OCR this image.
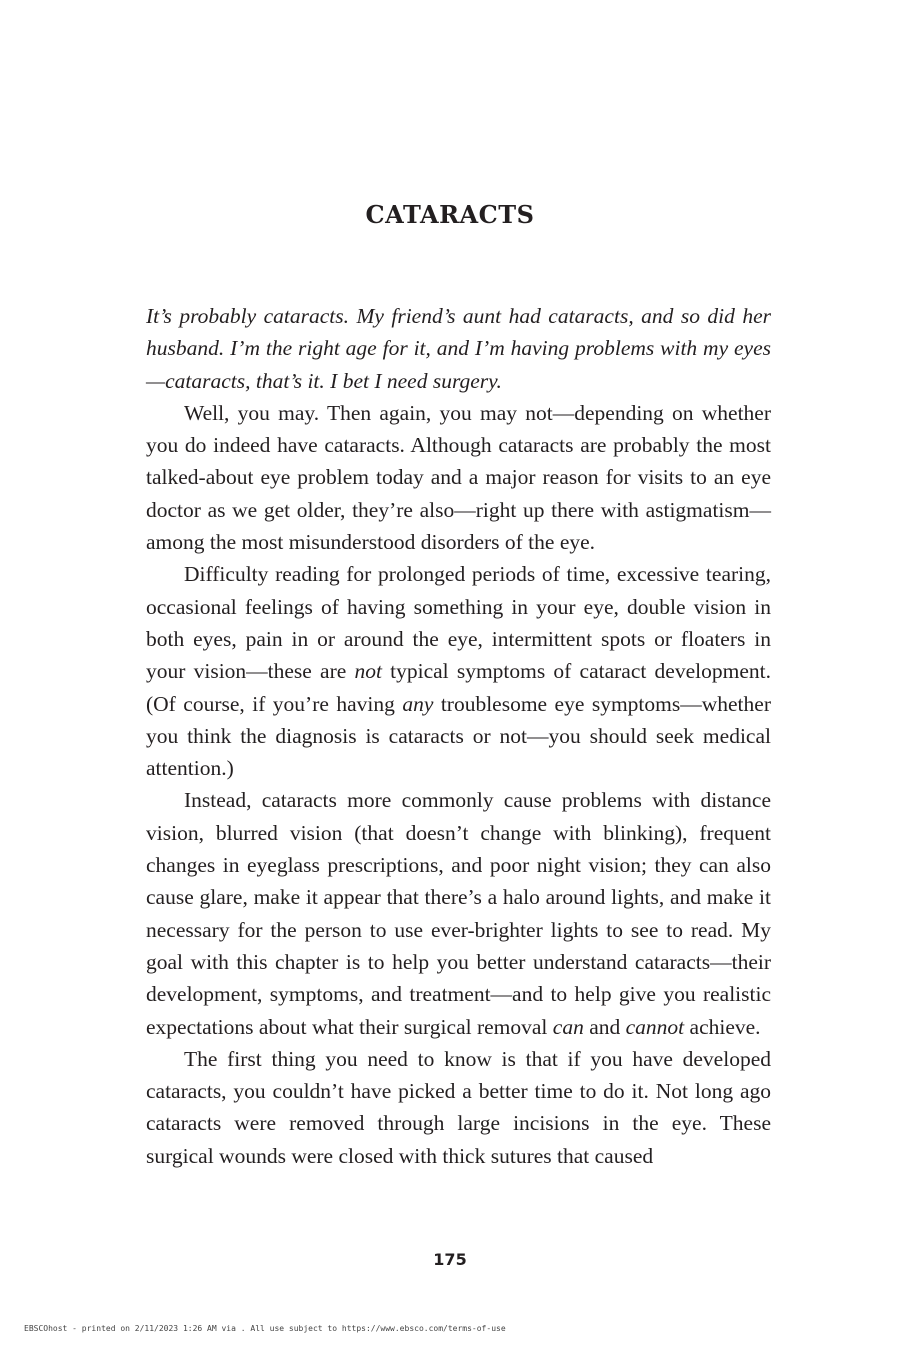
CATARACTS

It’s probably cataracts. My friend’s aunt had cataracts, and so did her husband. I’m the right age for it, and I’m having problems with my eyes—cataracts, that’s it. I bet I need surgery.

Well, you may. Then again, you may not—depending on whether you do indeed have cataracts. Although cataracts are probably the most talked-about eye problem today and a major reason for visits to an eye doctor as we get older, they’re also—right up there with astigmatism—among the most misunderstood disorders of the eye.

Difficulty reading for prolonged periods of time, excessive tearing, occasional feelings of having something in your eye, double vision in both eyes, pain in or around the eye, intermittent spots or floaters in your vision—these are not typical symptoms of cataract development. (Of course, if you’re having any troublesome eye symptoms—whether you think the diagnosis is cataracts or not—you should seek medical attention.)

Instead, cataracts more commonly cause problems with distance vision, blurred vision (that doesn’t change with blinking), frequent changes in eyeglass prescriptions, and poor night vision; they can also cause glare, make it appear that there’s a halo around lights, and make it necessary for the person to use ever-brighter lights to see to read. My goal with this chapter is to help you better understand cataracts—their development, symptoms, and treatment—and to help give you realistic expectations about what their surgical removal can and cannot achieve.

The first thing you need to know is that if you have developed cataracts, you couldn’t have picked a better time to do it. Not long ago cataracts were removed through large incisions in the eye. These surgical wounds were closed with thick sutures that caused

175
EBSCOhost - printed on 2/11/2023 1:26 AM via . All use subject to https://www.ebsco.com/terms-of-use
